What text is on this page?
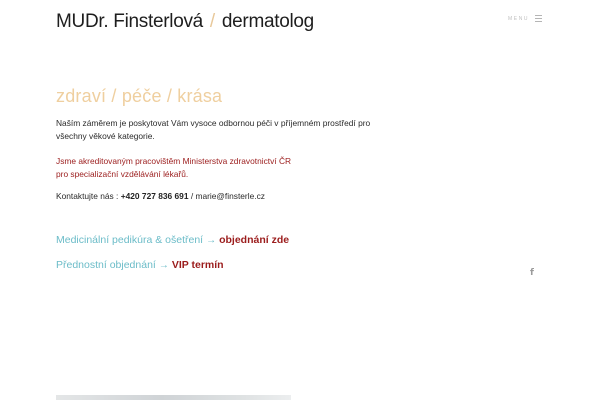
MUDr. Finsterlová / dermatolog	MENU
zdraví / péče / krása
Naším záměrem je poskytovat Vám vysoce odbornou péči v příjemném prostředí pro všechny věkové kategorie.
Jsme akreditovaným pracovištěm Ministerstva zdravotnictví ČR
pro specializační vzdělávání lékařů.
Kontaktujte nás : +420 727 836 691 / marie@finsterle.cz
Medicinální pedikúra & ošetření → objednání zde
Přednostní objednání → VIP termín
f
